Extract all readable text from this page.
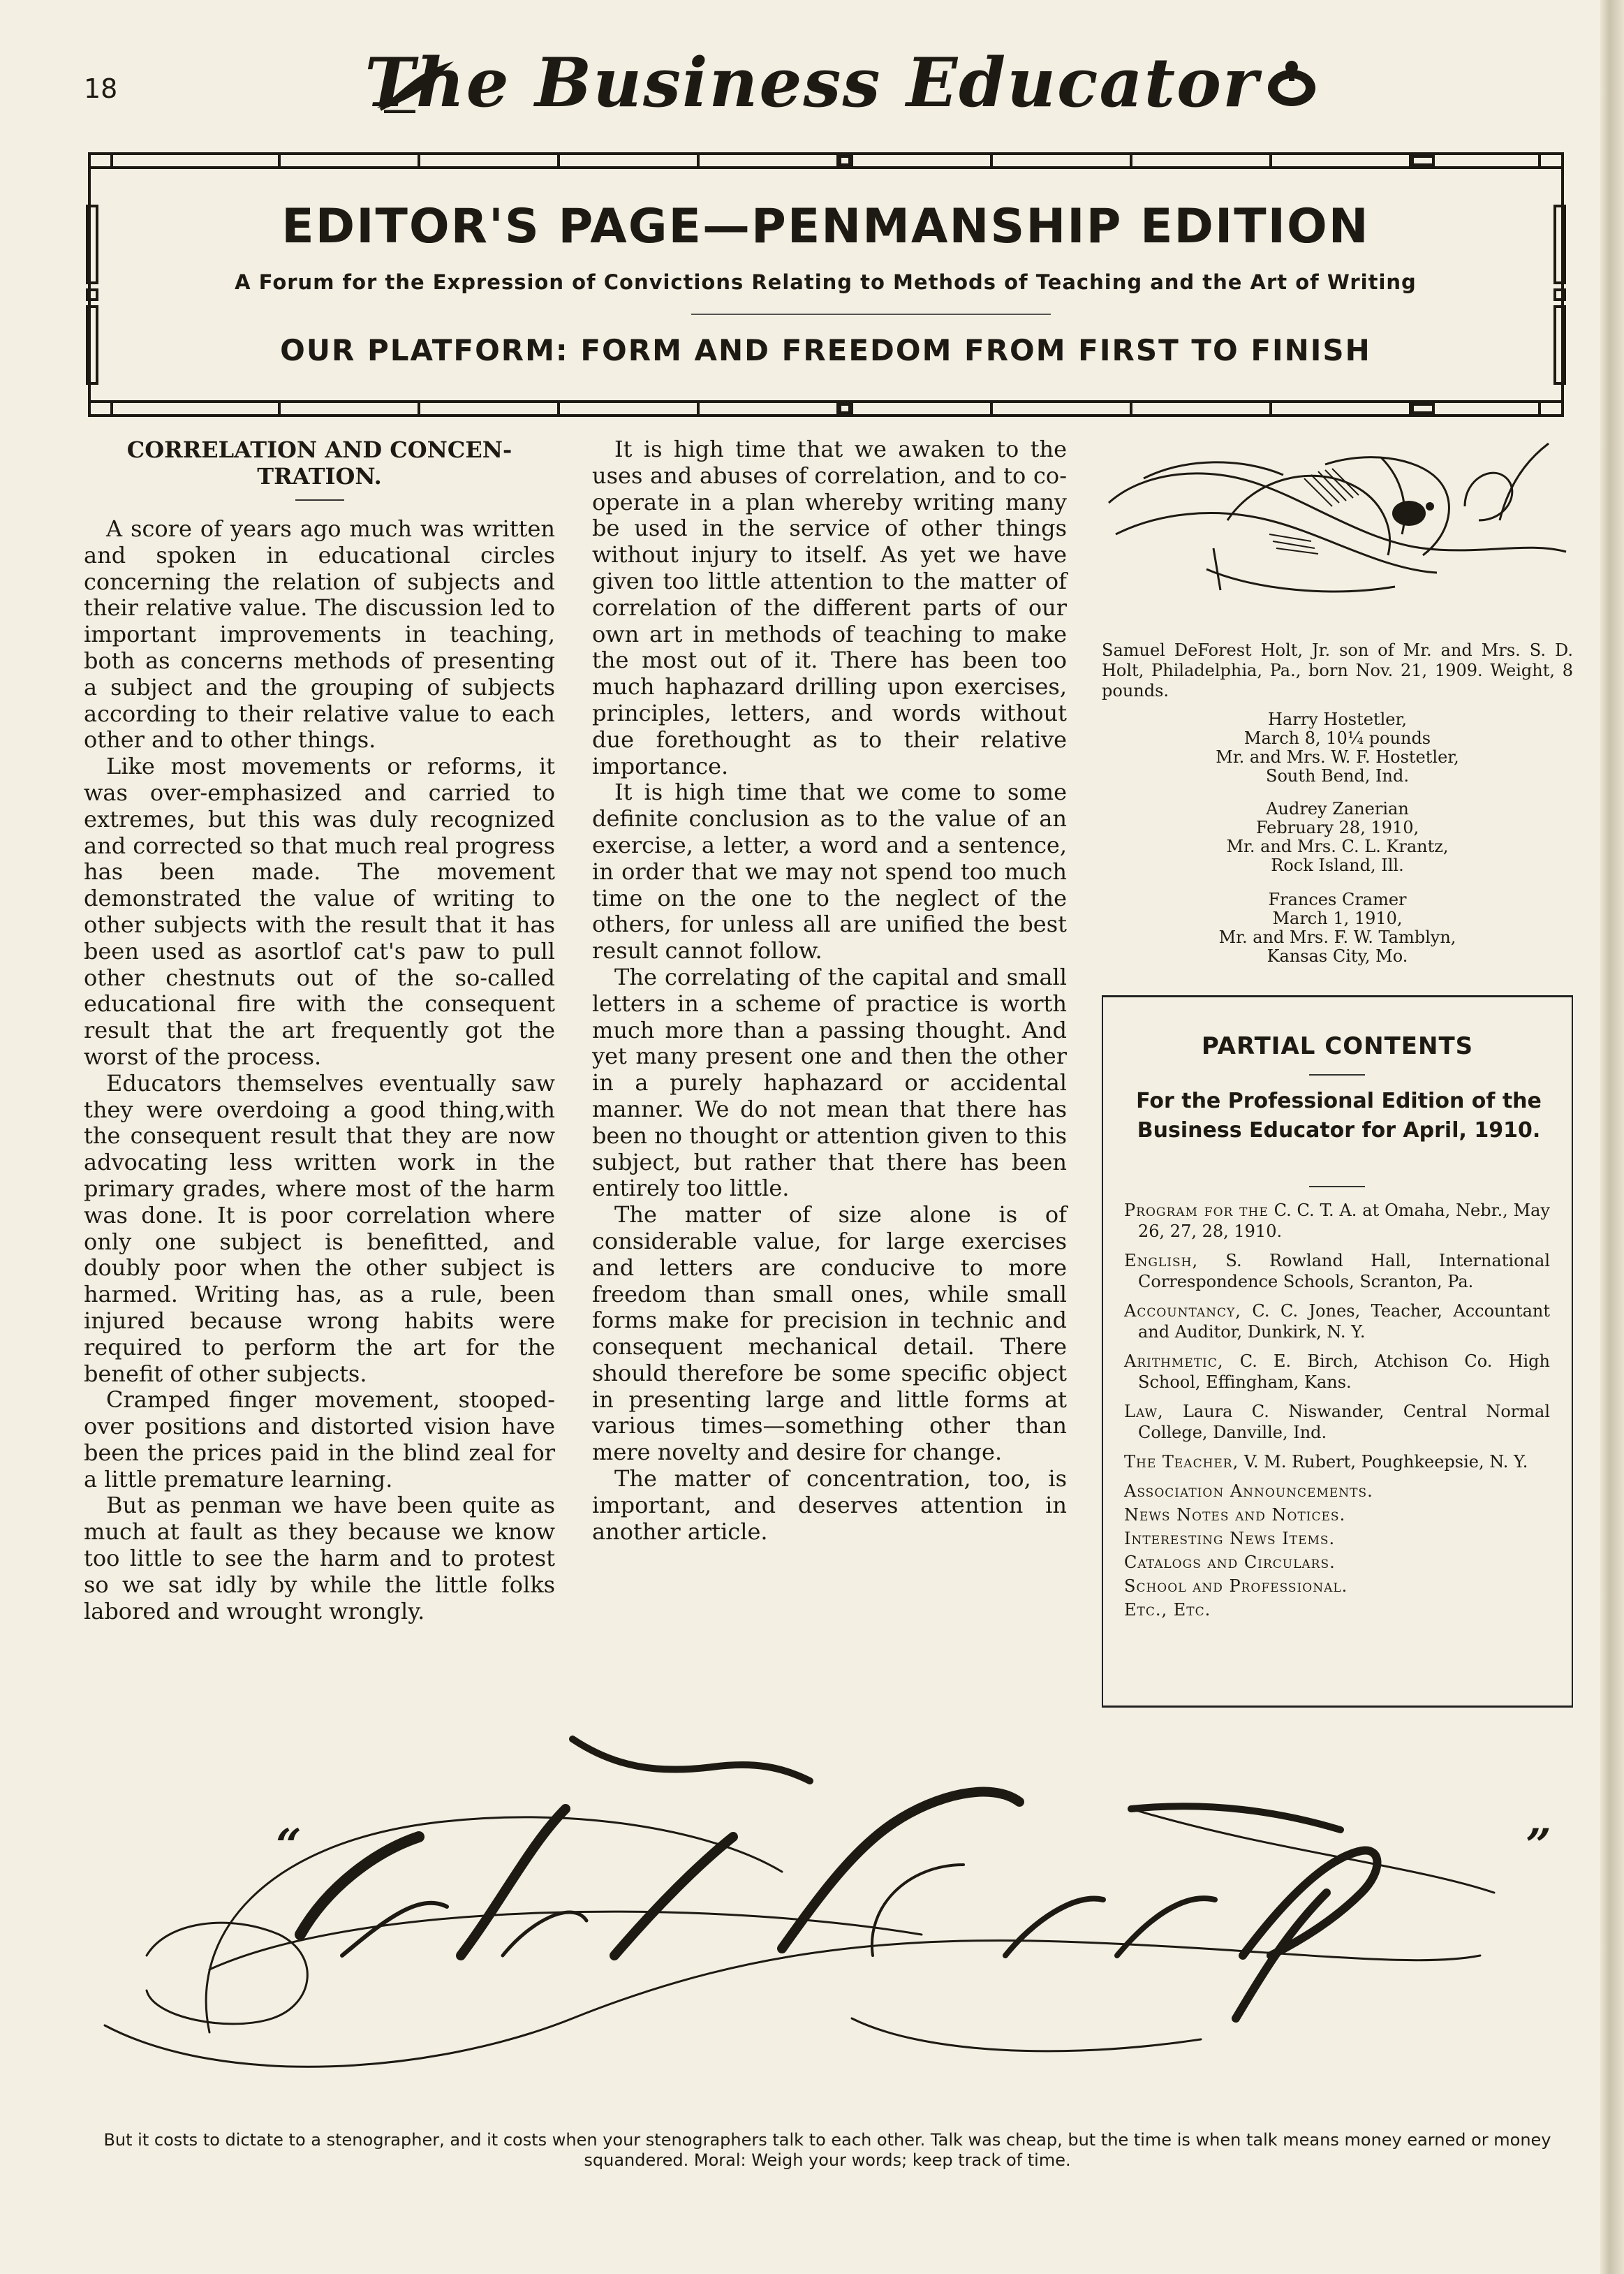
18	The Business Educator
EDITOR'S PAGE—PENMANSHIP EDITION
A Forum for the Expression of Convictions Relating to Methods of Teaching and the Art of Writing
OUR PLATFORM: FORM AND FREEDOM FROM FIRST TO FINISH
CORRELATION AND CONCEN-
TRATION.

A score of years ago much was written and spoken in educational circles concerning the relation of subjects and their relative value. The discussion led to important improvements in teaching, both as concerns methods of presenting a subject and the grouping of subjects according to their relative value to each other and to other things.

Like most movements or reforms, it was over-emphasized and carried to extremes, but this was duly recognized and corrected so that much real progress has been made. The movement demonstrated the value of writing to other subjects with the result that it has been used as asortlof cat's paw to pull other chestnuts out of the so-called educational fire with the consequent result that the art frequently got the worst of the process.

Educators themselves eventually saw they were overdoing a good thing,with the consequent result that they are now advocating less written work in the primary grades, where most of the harm was done. It is poor correlation where only one subject is benefitted, and doubly poor when the other subject is harmed. Writing has, as a rule, been injured because wrong habits were required to perform the art for the benefit of other subjects.

Cramped finger movement, stooped-over positions and distorted vision have been the prices paid in the blind zeal for a little premature learning.

But as penman we have been quite as much at fault as they because we know too little to see the harm and to protest so we sat idly by while the little folks labored and wrought wrongly.

It is high time that we awaken to the uses and abuses of correlation, and to co-operate in a plan whereby writing many be used in the service of other things without injury to itself. As yet we have given too little attention to the matter of correlation of the different parts of our own art in methods of teaching to make the most out of it. There has been too much haphazard drilling upon exercises, principles, letters, and words without due forethought as to their relative importance.

It is high time that we come to some definite conclusion as to the value of an exercise, a letter, a word and a sentence, in order that we may not spend too much time on the one to the neglect of the others, for unless all are unified the best result cannot follow.

The correlating of the capital and small letters in a scheme of practice is worth much more than a passing thought. And yet many present one and then the other in a purely haphazard or accidental manner. We do not mean that there has been no thought or attention given to this subject, but rather that there has been entirely too little.

The matter of size alone is of considerable value, for large exercises and letters are conducive to more freedom than small ones, while small forms make for precision in technic and consequent mechanical detail. There should therefore be some specific object in presenting large and little forms at various times—something other than mere novelty and desire for change.

The matter of concentration, too, is important, and deserves attention in another article.

Samuel DeForest Holt, Jr. son of Mr. and Mrs. S. D. Holt, Philadelphia, Pa., born Nov. 21, 1909. Weight, 8 pounds.
Harry Hostetler,
March 8, 10¼ pounds
Mr. and Mrs. W. F. Hostetler,
South Bend, Ind.
Audrey Zanerian
February 28, 1910,
Mr. and Mrs. C. L. Krantz,
Rock Island, Ill.
Frances Cramer
March 1, 1910,
Mr. and Mrs. F. W. Tamblyn,
Kansas City, Mo.
PARTIAL CONTENTS
For the Professional Edition of the Business Educator for April, 1910.
Program for the C. C. T. A. at Omaha, Nebr., May 26, 27, 28, 1910.
English, S. Rowland Hall, International Correspondence Schools, Scranton, Pa.
Accountancy, C. C. Jones, Teacher, Accountant and Auditor, Dunkirk, N. Y.
Arithmetic, C. E. Birch, Atchison Co. High School, Effingham, Kans.
Law, Laura C. Niswander, Central Normal College, Danville, Ind.
The Teacher, V. M. Rubert, Poughkeepsie, N. Y.
Association Announcements.
News Notes and Notices.
Interesting News Items.
Catalogs and Circulars.
School and Professional.
Etc., Etc.
“	”
But it costs to dictate to a stenographer, and it costs when your stenographers talk to each other. Talk was cheap, but the time is when talk means money earned or money squandered. Moral: Weigh your words; keep track of time.
